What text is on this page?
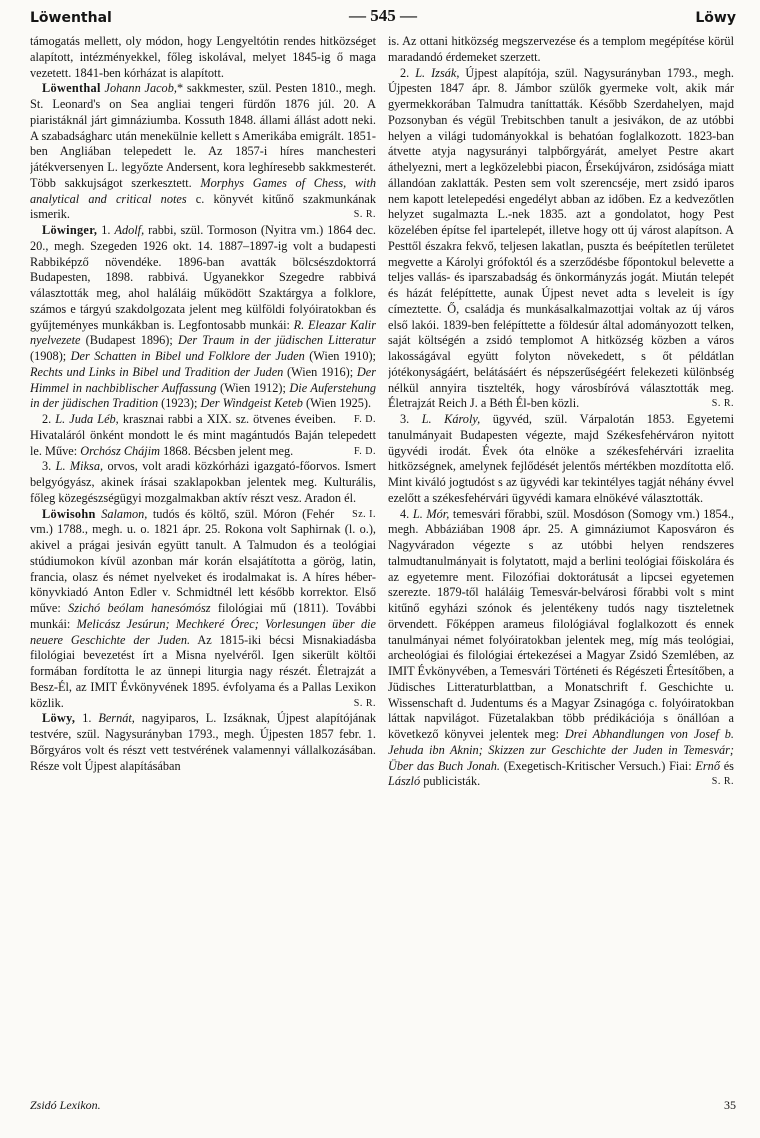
Löwenthal	— 545 —	Löwy

támogatás mellett, oly módon, hogy Lengyeltótin rendes hitközséget alapított, intézményekkel, főleg iskolával, melyet 1845-ig ő maga vezetett. 1841-ben kórházat is alapított.

Löwenthal Johann Jacob,* sakkmester, szül. Pesten 1810., megh. St. Leonard's on Sea angliai tengeri fürdőn 1876 júl. 20. A piaristáknál járt gimnáziumba. Kossuth 1848. állami állást adott neki. A szabadságharc után menekülnie kellett s Amerikába emigrált. 1851-ben Angliában telepedett le. Az 1857-i híres manchesteri játékversenyen L. legyőzte Andersent, kora leghíresebb sakkmesterét. Több sakkujságot szerkesztett. Morphys Games of Chess, with analytical and critical notes c. könyvét kitűnő szakmunkának ismerik.	S. R.

Löwinger, 1. Adolf, rabbi, szül. Tormoson (Nyitra vm.) 1864 dec. 20., megh. Szegeden 1926 okt. 14. 1887–1897-ig volt a budapesti Rabbiképző növendéke. 1896-ban avatták bölcsészdoktorrá Budapesten, 1898. rabbivá. Ugyanekkor Szegedre rabbivá választották meg, ahol haláláig működött Szaktárgya a folklore, számos e tárgyú szakdolgozata jelent meg külföldi folyóiratokban és gyűjteményes munkákban is. Legfontosabb munkái: R. Eleazar Kalir nyelvezete (Budapest 1896); Der Traum in der jüdischen Litteratur (1908); Der Schatten in Bibel und Folklore der Juden (Wien 1910); Rechts und Links in Bibel und Tradition der Juden (Wien 1916); Der Himmel in nachbiblischer Auffassung (Wien 1912); Die Auferstehung in der jüdischen Tradition (1923); Der Windgeist Keteb (Wien 1925).
F. D.

2. L. Juda Léb, krasznai rabbi a XIX. sz. ötvenes éveiben. Hivataláról önként mondott le és mint magántudós Baján telepedett le. Műve: Orchósz Chájim 1868. Bécsben jelent meg.	F. D.

3. L. Miksa, orvos, volt aradi közkórházi igazgató-főorvos. Ismert belgyógyász, akinek írásai szaklapokban jelentek meg. Kulturális, főleg közegészségügyi mozgalmakban aktív részt vesz. Aradon él.
Sz. I.

Löwisohn Salamon, tudós és költő, szül. Móron (Fehér vm.) 1788., megh. u. o. 1821 ápr. 25. Rokona volt Saphirnak (l. o.), akivel a prágai jesiván együtt tanult. A Talmudon és a teológiai stúdiumokon kívül azonban már korán elsajátította a görög, latin, francia, olasz és német nyelveket és irodalmakat is. A híres héber-könyvkiadó Anton Edler v. Schmidtnél lett később korrektor. Első műve: Szichó beólam hanesómósz filológiai mű (1811). További munkái: Melicász Jesúrun; Mechkeré Órec; Vorlesungen über die neuere Geschichte der Juden. Az 1815-iki bécsi Misnakiadásba filológiai bevezetést írt a Misna nyelvéről. Igen sikerült költői formában fordította le az ünnepi liturgia nagy részét. Életrajzát a Besz-Él, az IMIT Évkönyvének 1895. évfolyama és a Pallas Lexikon közlik.	S. R.

Löwy, 1. Bernát, nagyiparos, L. Izsáknak, Újpest alapítójának testvére, szül. Nagysurányban 1793., megh. Újpesten 1857 febr. 1. Bőrgyáros volt és részt vett testvérének valamennyi vállalkozásában. Része volt Újpest alapításában

is. Az ottani hitközség megszervezése és a templom megépítése körül maradandó érdemeket szerzett.

2. L. Izsák, Újpest alapítója, szül. Nagysurányban 1793., megh. Újpesten 1847 ápr. 8. Jámbor szülők gyermeke volt, akik már gyermekkorában Talmudra taníttatták. Később Szerdahelyen, majd Pozsonyban és végül Trebitschben tanult a jesivákon, de az utóbbi helyen a világi tudományokkal is behatóan foglalkozott. 1823-ban átvette atyja nagysurányi talpbőrgyárát, amelyet Pestre akart áthelyezni, mert a legközelebbi piacon, Érsekújváron, zsidósága miatt állandóan zaklatták. Pesten sem volt szerencséje, mert zsidó iparos nem kapott letelepedési engedélyt abban az időben. Ez a kedvezőtlen helyzet sugalmazta L.-nek 1835. azt a gondolatot, hogy Pest közelében építse fel ipartelepét, illetve hogy ott új várost alapítson. A Pesttől északra fekvő, teljesen lakatlan, puszta és beépítetlen területet megvette a Károlyi grófoktól és a szerződésbe főpontokul belevette a teljes vallás- és iparszabadság és önkormányzás jogát. Miután telepét és házát felépíttette, aunak Újpest nevet adta s leveleit is így címeztette. Ő, családja és munkásalkalmazottjai voltak az új város első lakói. 1839-ben felépíttette a földesúr által adományozott telken, saját költségén a zsidó templomot A hitközség közben a város lakosságával együtt folyton növekedett, s őt példátlan jótékonyságáért, belátásáért és népszerűségéért felekezeti különbség nélkül annyira tisztelték, hogy városbíróvá választották meg. Életrajzát Reich J. a Béth Él-ben közli.	S. R.

3. L. Károly, ügyvéd, szül. Várpalotán 1853. Egyetemi tanulmányait Budapesten végezte, majd Székesfehérváron nyitott ügyvédi irodát. Évek óta elnöke a székesfehérvári izraelita hitközségnek, amelynek fejlődését jelentős mértékben mozdította elő. Mint kiváló jogtudóst s az ügyvédi kar tekintélyes tagját néhány évvel ezelőtt a székesfehérvári ügyvédi kamara elnökévé választották.

4. L. Mór, temesvári főrabbi, szül. Mosdóson (Somogy vm.) 1854., megh. Abbáziában 1908 ápr. 25. A gimnáziumot Kaposváron és Nagyváradon végezte s az utóbbi helyen rendszeres talmudtanulmányait is folytatott, majd a berlini teológiai főiskolára és az egyetemre ment. Filozófiai doktorátusát a lipcsei egyetemen szerezte. 1879-től haláláig Temesvár-belvárosi főrabbi volt s mint kitűnő egyházi szónok és jelentékeny tudós nagy tiszteletnek örvendett. Főképpen arameus filológiával foglalkozott és ennek tanulmányai német folyóiratokban jelentek meg, míg más teológiai, archeológiai és filológiai értekezései a Magyar Zsidó Szemlében, az IMIT Évkönyvében, a Temesvári Történeti és Régészeti Értesítőben, a Jüdisches Litteraturblattban, a Monatschrift f. Geschichte u. Wissenschaft d. Judentums és a Magyar Zsinagóga c. folyóiratokban láttak napvilágot. Füzetalakban több prédikációja s önállóan a következő könyvei jelentek meg: Drei Abhandlungen von Josef b. Jehuda ibn Aknin; Skizzen zur Geschichte der Juden in Temesvár; Über das Buch Jonah. (Exegetisch-Kritischer Versuch.) Fiai: Ernő és László publicisták.	S. R.

Zsidó Lexikon.	35
